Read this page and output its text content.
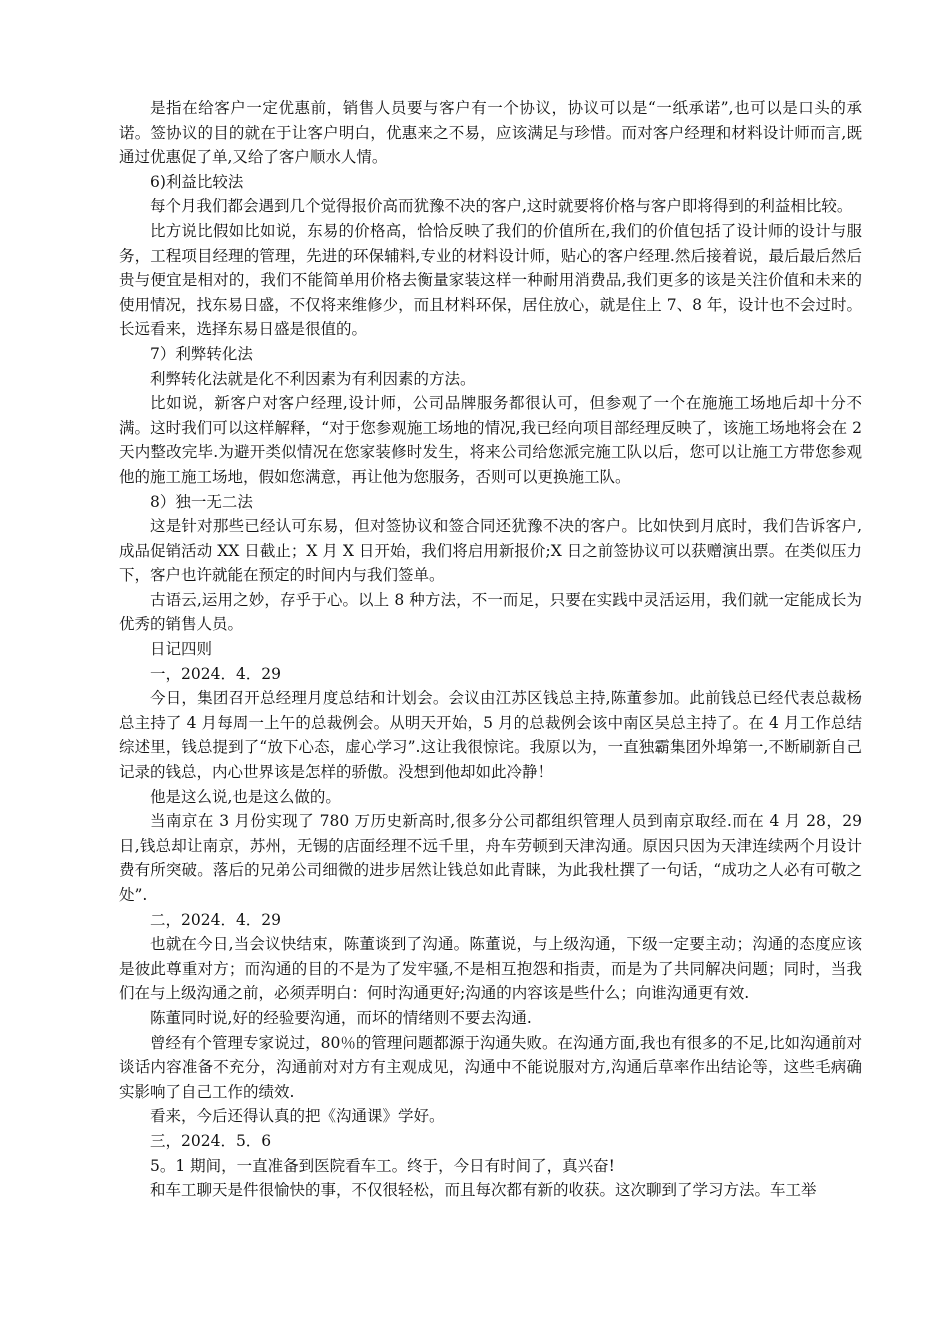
是指在给客户一定优惠前，销售人员要与客户有一个协议，协议可以是“一纸承诺”,也可以是口头的承诺。签协议的目的就在于让客户明白，优惠来之不易，应该满足与珍惜。而对客户经理和材料设计师而言,既通过优惠促了单,又给了客户顺水人情。

6)利益比较法

每个月我们都会遇到几个觉得报价高而犹豫不决的客户,这时就要将价格与客户即将得到的利益相比较。

比方说比假如比如说，东易的价格高，恰恰反映了我们的价值所在,我们的价值包括了设计师的设计与服务，工程项目经理的管理，先进的环保辅料,专业的材料设计师，贴心的客户经理.然后接着说，最后最后然后贵与便宜是相对的，我们不能简单用价格去衡量家装这样一种耐用消费品,我们更多的该是关注价值和未来的使用情况，找东易日盛，不仅将来维修少，而且材料环保，居住放心，就是住上 7、8 年，设计也不会过时。长远看来，选择东易日盛是很值的。

7）利弊转化法

利弊转化法就是化不利因素为有利因素的方法。

比如说，新客户对客户经理,设计师，公司品牌服务都很认可，但参观了一个在施施工场地后却十分不满。这时我们可以这样解释，“对于您参观施工场地的情况,我已经向项目部经理反映了，该施工场地将会在 2 天内整改完毕.为避开类似情况在您家装修时发生，将来公司给您派完施工队以后，您可以让施工方带您参观他的施工施工场地，假如您满意，再让他为您服务，否则可以更换施工队。

8）独一无二法

这是针对那些已经认可东易，但对签协议和签合同还犹豫不决的客户。比如快到月底时，我们告诉客户,成品促销活动 XX 日截止；X 月 X 日开始，我们将启用新报价;X 日之前签协议可以获赠演出票。在类似压力下，客户也许就能在预定的时间内与我们签单。

古语云,运用之妙，存乎于心。以上 8 种方法，不一而足，只要在实践中灵活运用，我们就一定能成长为优秀的销售人员。

日记四则

一，2024．4．29

今日，集团召开总经理月度总结和计划会。会议由江苏区钱总主持,陈董参加。此前钱总已经代表总裁杨总主持了 4 月每周一上午的总裁例会。从明天开始，5 月的总裁例会该中南区吴总主持了。在 4 月工作总结综述里，钱总提到了“放下心态，虚心学习”.这让我很惊诧。我原以为，一直独霸集团外埠第一,不断刷新自己记录的钱总，内心世界该是怎样的骄傲。没想到他却如此冷静！

他是这么说,也是这么做的。

当南京在 3 月份实现了 780 万历史新高时,很多分公司都组织管理人员到南京取经.而在 4 月 28，29 日,钱总却让南京，苏州，无锡的店面经理不远千里，舟车劳顿到天津沟通。原因只因为天津连续两个月设计费有所突破。落后的兄弟公司细微的进步居然让钱总如此青睐，为此我杜撰了一句话，“成功之人必有可敬之处”.

二，2024．4．29

也就在今日,当会议快结束，陈董谈到了沟通。陈董说，与上级沟通，下级一定要主动；沟通的态度应该是彼此尊重对方；而沟通的目的不是为了发牢骚,不是相互抱怨和指责，而是为了共同解决问题；同时，当我们在与上级沟通之前，必须弄明白：何时沟通更好;沟通的内容该是些什么；向谁沟通更有效.

陈董同时说,好的经验要沟通，而坏的情绪则不要去沟通.

曾经有个管理专家说过，80％的管理问题都源于沟通失败。在沟通方面,我也有很多的不足,比如沟通前对谈话内容准备不充分，沟通前对对方有主观成见，沟通中不能说服对方,沟通后草率作出结论等，这些毛病确实影响了自己工作的绩效.

看来，今后还得认真的把《沟通课》学好。

三，2024．5．6

5。1 期间，一直准备到医院看车工。终于，今日有时间了，真兴奋!

和车工聊天是件很愉快的事，不仅很轻松，而且每次都有新的收获。这次聊到了学习方法。车工举
